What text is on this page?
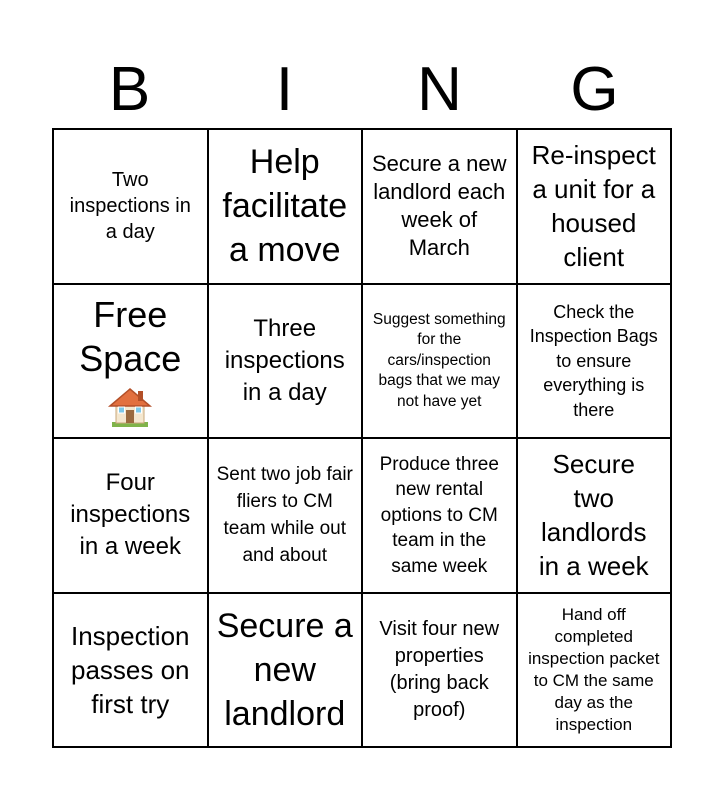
B	I	N	G
Two inspections in a day
Help facilitate a move
Secure a new landlord each week of March
Re-inspect a unit for a housed client
Free Space
Three inspections in a day
Suggest something for the cars/inspection bags that we may not have yet
Check the Inspection Bags to ensure everything is there
Four inspections in a week
Sent two job fair fliers to CM team while out and about
Produce three new rental options to CM team in the same week
Secure two landlords in a week
Inspection passes on first try
Secure a new landlord
Visit four new properties (bring back proof)
Hand off completed inspection packet to CM the same day as the inspection
